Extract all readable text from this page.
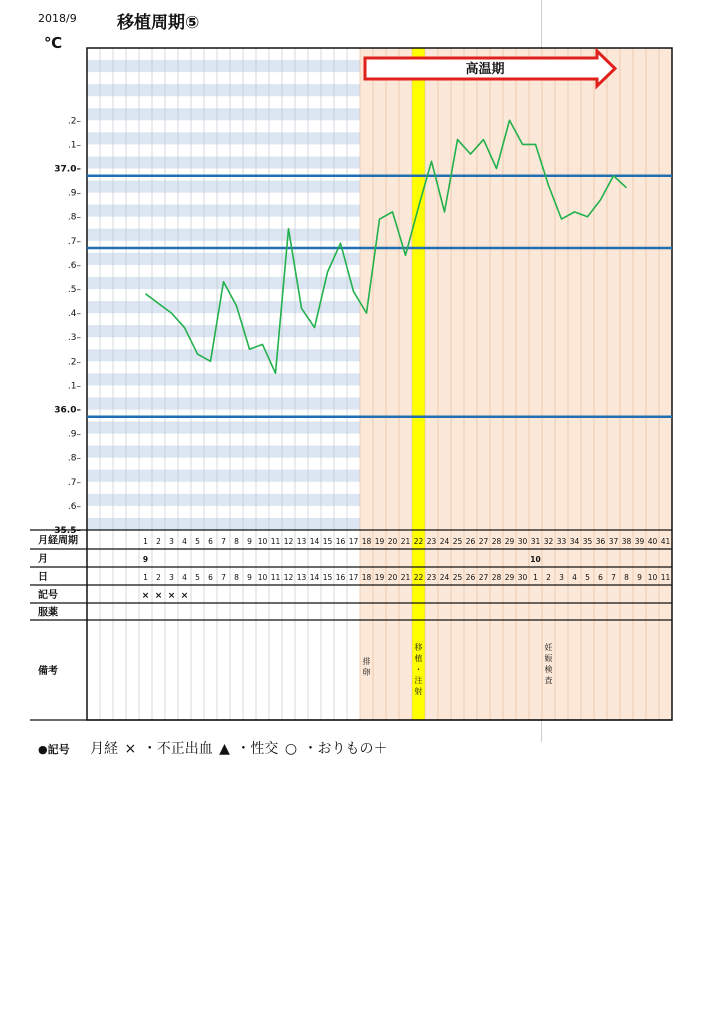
2018/9 移植周期⑤
℃
.2–
.1–
37.0–
.9–
.8–
.7–
.6–
.5–
.4–
.3–
.2–
.1–
36.0–
.9–
.8–
.7–
.6–
35.5–
高温期
月経周期
月
日
記号
服薬
備考
1 2 3 4 5 6 7 8 9 10 11 12 13 14 15 16 17 18 19 20 21 22 23 24 25 26 27 28 29 30 31 32 33 34 35 36 37 38 39 40 41
9	10
1 2 3 4 5 6 7 8 9 10 11 12 13 14 15 16 17 18 19 20 21 22 23 24 25 26 27 28 29 30 1 2 3 4 5 6 7 8 9 10 11
× × × ×
排
卵
移
植
・
注
射
妊
娠
検
査
●記号 月経 × ・不正出血 ▲ ・性交 ○ ・おりもの＋
